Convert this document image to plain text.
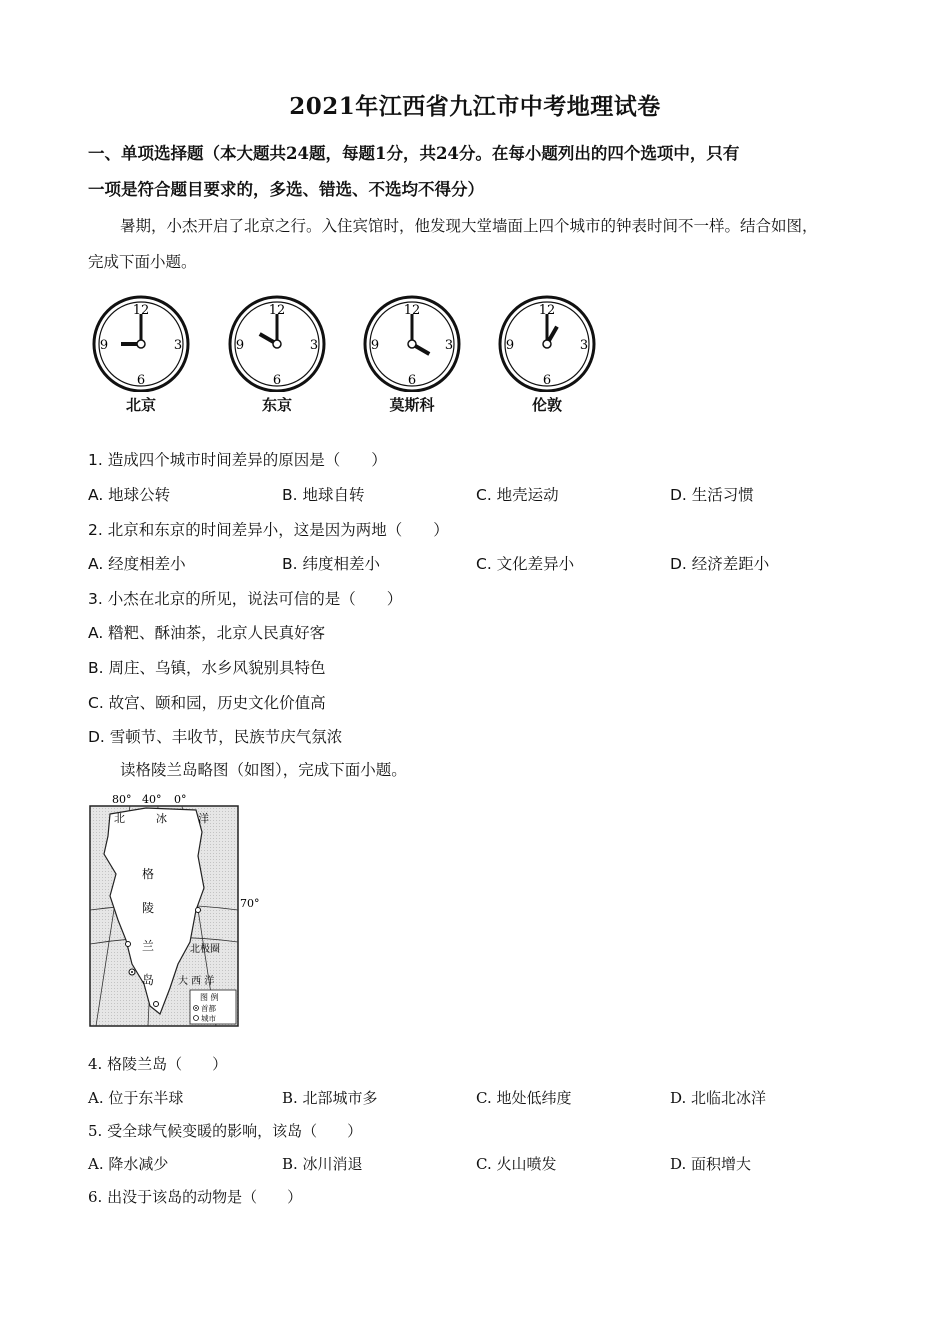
2021年江西省九江市中考地理试卷
一、单项选择题（本大题共24题，每题1分，共24分。在每小题列出的四个选项中，只有
一项是符合题目要求的，多选、错选、不选均不得分）
暑期，小杰开启了北京之行。入住宾馆时，他发现大堂墙面上四个城市的钟表时间不一样。结合如图，
完成下面小题。
12
3
6
9
北京
12
3
6
9
东京
12
3
6
9
莫斯科
12
3
6
9
伦敦
1. 造成四个城市时间差异的原因是（　　）
A. 地球公转	B. 地球自转	C. 地壳运动	D. 生活习惯
2. 北京和东京的时间差异小，这是因为两地（　　）
A. 经度相差小	B. 纬度相差小	C. 文化差异小	D. 经济差距小
3. 小杰在北京的所见，说法可信的是（　　）
A. 糌粑、酥油茶，北京人民真好客
B. 周庄、乌镇，水乡风貌别具特色
C. 故宫、颐和园，历史文化价值高
D. 雪顿节、丰收节，民族节庆气氛浓
读格陵兰岛略图（如图），完成下面小题。
80° 40° 0°
70°
北	冰	洋
格
陵
兰
岛
北极圈
大 西 洋
图 例
首都
城市
4. 格陵兰岛（　　）
A. 位于东半球	B. 北部城市多	C. 地处低纬度	D. 北临北冰洋
5. 受全球气候变暖的影响，该岛（　　）
A. 降水减少	B. 冰川消退	C. 火山喷发	D. 面积增大
6. 出没于该岛的动物是（　　）
